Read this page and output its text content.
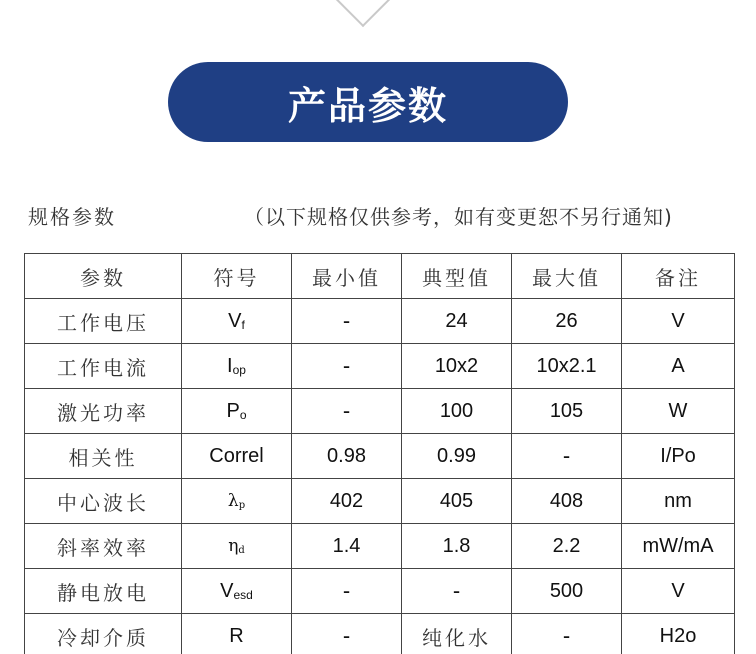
产品参数
规格参数	（以下规格仅供参考，如有变更恕不另行通知)
参数	符号	最小值	典型值	最大值	备注
工作电压	$V_f$	-	24	26	V
工作电流	$I_{op}$	-	10x2	10x2.1	A
激光功率	$P_o$	-	100	105	W
相关性	Correl	0.98	0.99	-	I/Po
中心波长	$\lambda_p$	402	405	408	nm
斜率效率	$\eta_d$	1.4	1.8	2.2	mW/mA
静电放电	$V_{esd}$	-	-	500	V
冷却介质	R	-	纯化水	-	H2o
